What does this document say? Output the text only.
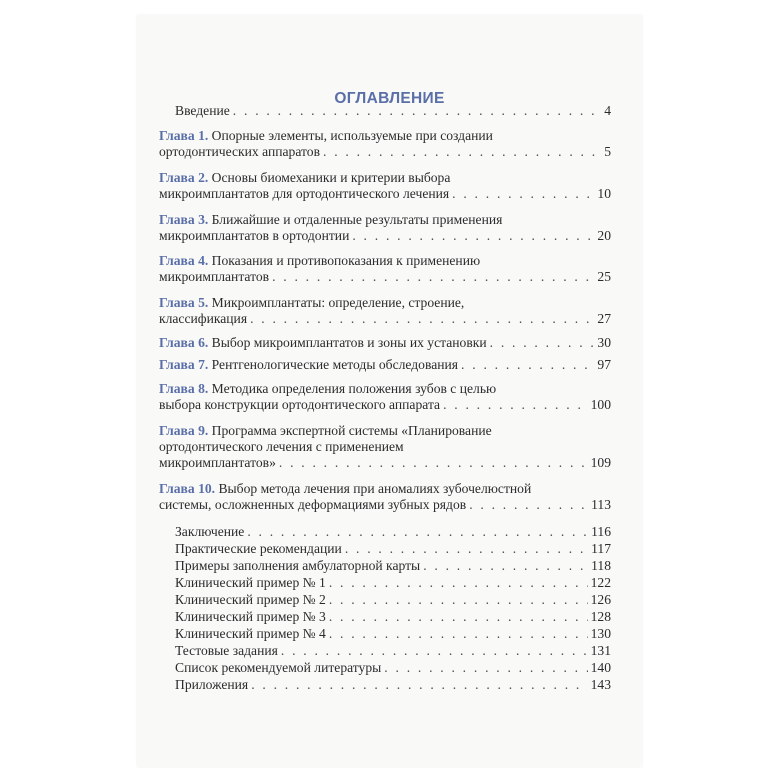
ОГЛАВЛЕНИЕ
Введение . . .	4
Глава 1. Опорные элементы, используемые при создании
ортодонтических аппаратов . . .	5
Глава 2. Основы биомеханики и критерии выбора
микроимплантатов для ортодонтического лечения . . .	10
Глава 3. Ближайшие и отдаленные результаты применения
микроимплантатов в ортодонтии . . .	20
Глава 4. Показания и противопоказания к применению
микроимплантатов . . .	25
Глава 5. Микроимплантаты: определение, строение,
классификация . . .	27
Глава 6. Выбор микроимплантатов и зоны их установки . . .	30
Глава 7. Рентгенологические методы обследования . . .	97
Глава 8. Методика определения положения зубов с целью
выбора конструкции ортодонтического аппарата . . .	100
Глава 9. Программа экспертной системы «Планирование
ортодонтического лечения с применением
микроимплантатов» . . .	109
Глава 10. Выбор метода лечения при аномалиях зубочелюстной
системы, осложненных деформациями зубных рядов . . .	113
Заключение . . .	116
Практические рекомендации . . .	117
Примеры заполнения амбулаторной карты . . .	118
Клинический пример № 1 . . .	122
Клинический пример № 2 . . .	126
Клинический пример № 3 . . .	128
Клинический пример № 4 . . .	130
Тестовые задания . . .	131
Список рекомендуемой литературы . . .	140
Приложения . . .	143
